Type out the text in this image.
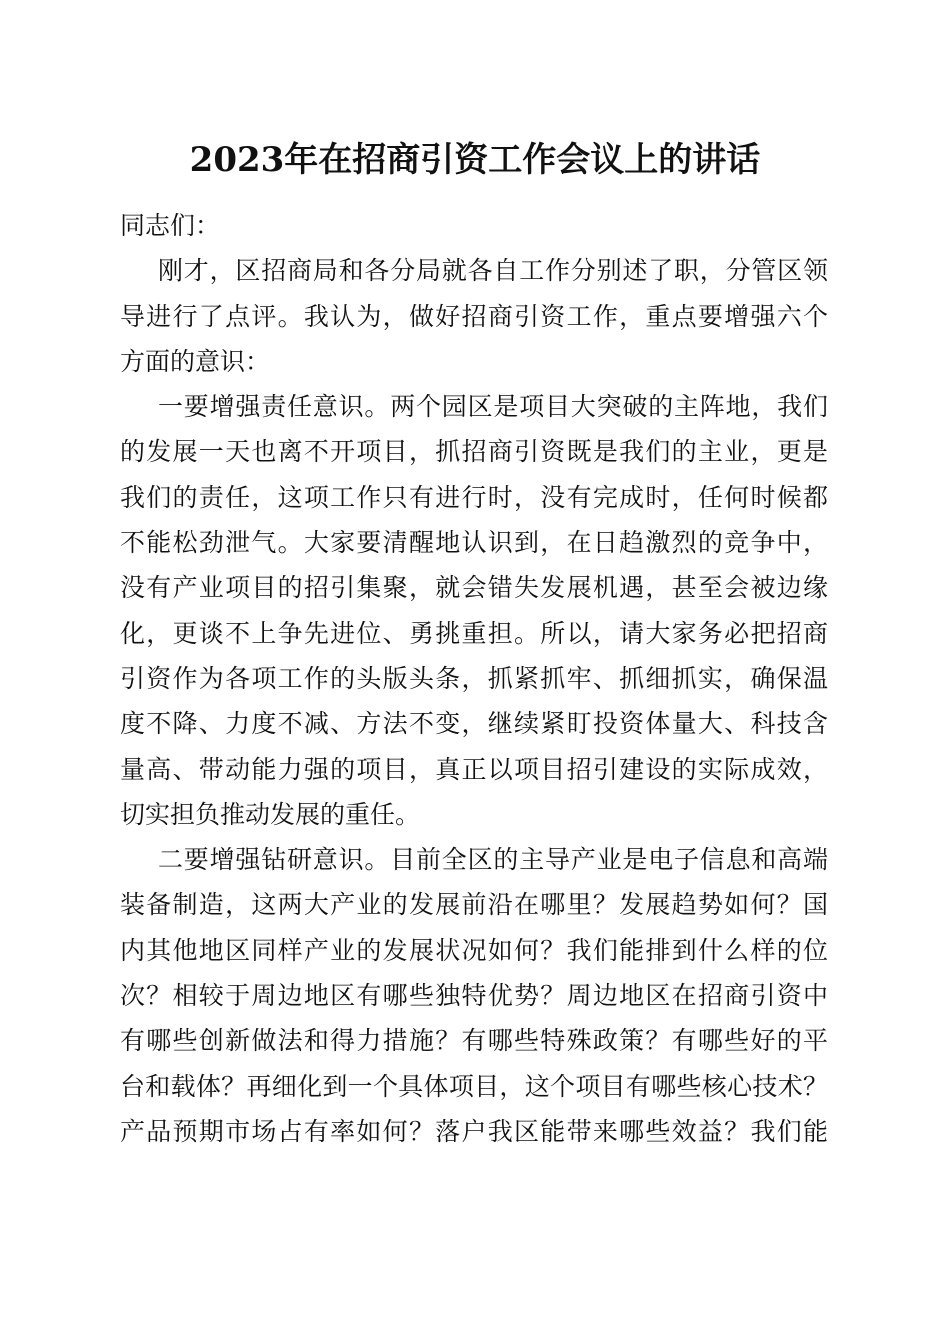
2023年在招商引资工作会议上的讲话
同志们：
刚才，区招商局和各分局就各自工作分别述了职，分管区领
导进行了点评。我认为，做好招商引资工作，重点要增强六个
方面的意识：
一要增强责任意识。两个园区是项目大突破的主阵地，我们
的发展一天也离不开项目，抓招商引资既是我们的主业，更是
我们的责任，这项工作只有进行时，没有完成时，任何时候都
不能松劲泄气。大家要清醒地认识到，在日趋激烈的竞争中，
没有产业项目的招引集聚，就会错失发展机遇，甚至会被边缘
化，更谈不上争先进位、勇挑重担。所以，请大家务必把招商
引资作为各项工作的头版头条，抓紧抓牢、抓细抓实，确保温
度不降、力度不减、方法不变，继续紧盯投资体量大、科技含
量高、带动能力强的项目，真正以项目招引建设的实际成效，
切实担负推动发展的重任。
二要增强钻研意识。目前全区的主导产业是电子信息和高端
装备制造，这两大产业的发展前沿在哪里？发展趋势如何？国
内其他地区同样产业的发展状况如何？我们能排到什么样的位
次？相较于周边地区有哪些独特优势？周边地区在招商引资中
有哪些创新做法和得力措施？有哪些特殊政策？有哪些好的平
台和载体？再细化到一个具体项目，这个项目有哪些核心技术？
产品预期市场占有率如何？落户我区能带来哪些效益？我们能
